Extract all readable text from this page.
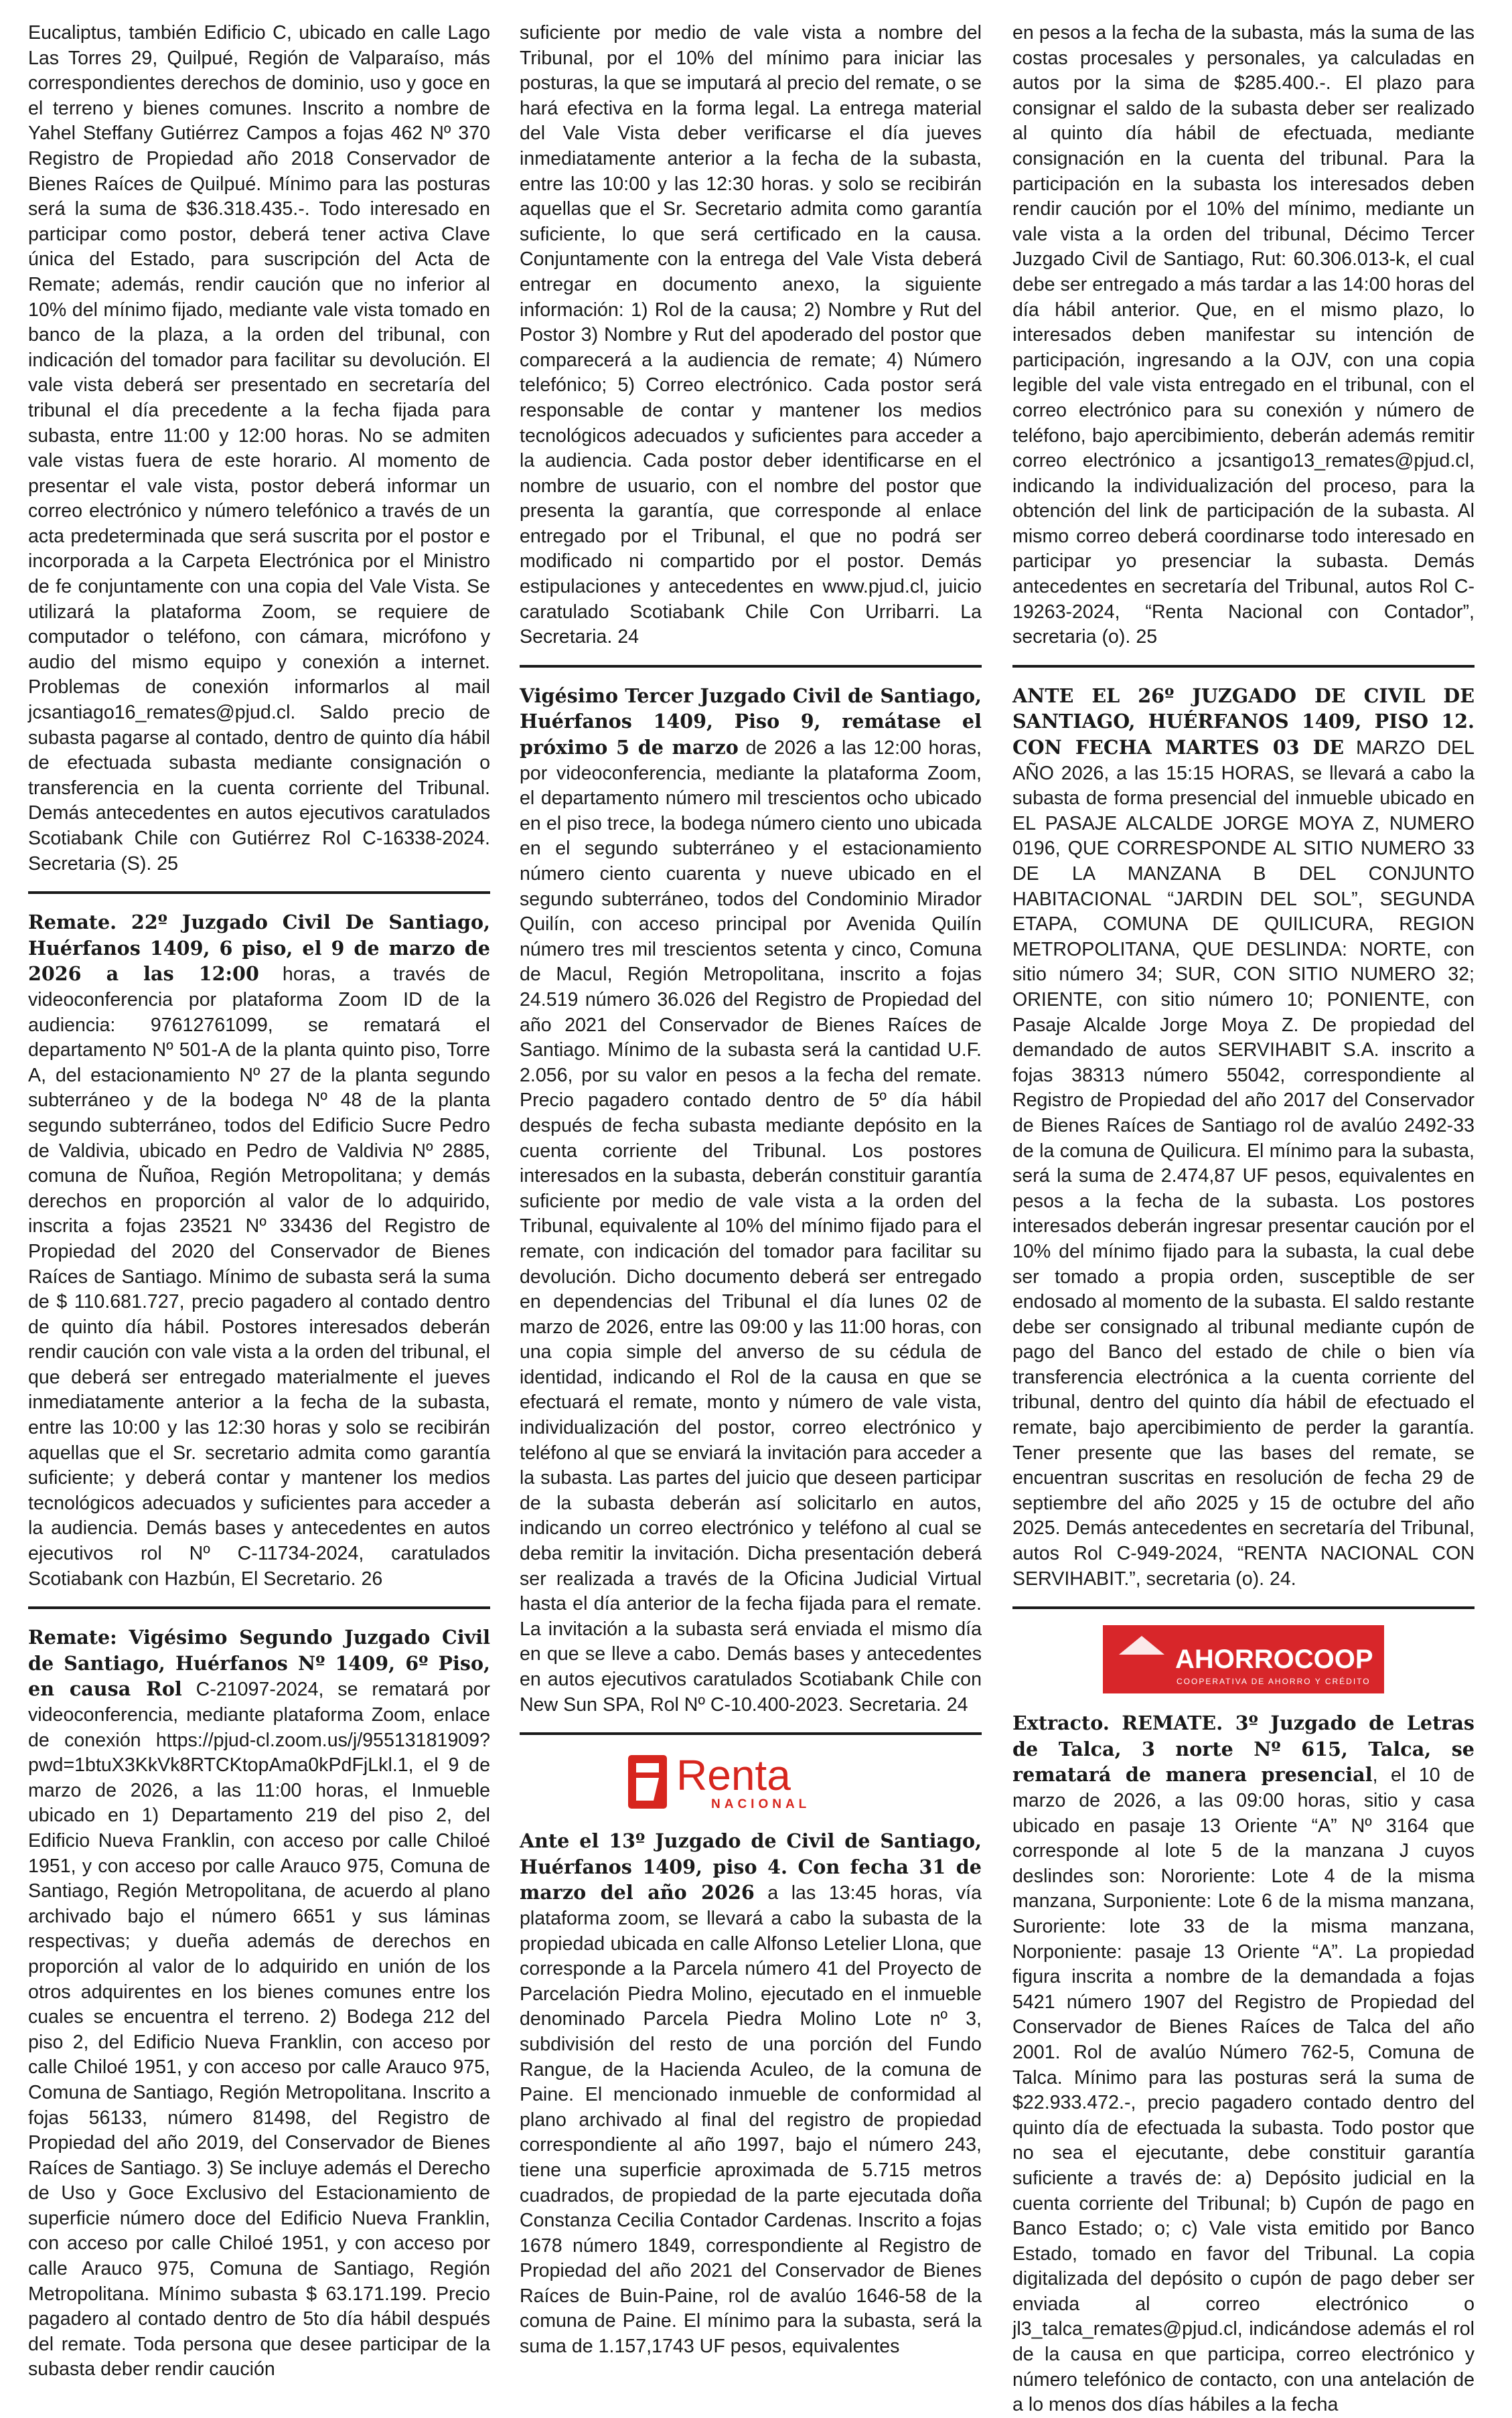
Eucaliptus, también Edificio C, ubicado en calle Lago Las Torres 29, Quilpué, Región de Valparaíso, más correspondientes derechos de dominio, uso y goce en el terreno y bienes comunes. Inscrito a nombre de Yahel Steffany Gutiérrez Campos a fojas 462 Nº 370 Registro de Propiedad año 2018 Conservador de Bienes Raíces de Quilpué. Mínimo para las posturas será la suma de $36.318.435.-. Todo interesado en participar como postor, deberá tener activa Clave única del Estado, para suscripción del Acta de Remate; además, rendir caución que no inferior al 10% del mínimo fijado, mediante vale vista tomado en banco de la plaza, a la orden del tribunal, con indicación del tomador para facilitar su devolución. El vale vista deberá ser presentado en secretaría del tribunal el día precedente a la fecha fijada para subasta, entre 11:00 y 12:00 horas. No se admiten vale vistas fuera de este horario. Al momento de presentar el vale vista, postor deberá informar un correo electrónico y número telefónico a través de un acta predeterminada que será suscrita por el postor e incorporada a la Carpeta Electrónica por el Ministro de fe conjuntamente con una copia del Vale Vista. Se utilizará la plataforma Zoom, se requiere de computador o teléfono, con cámara, micrófono y audio del mismo equipo y conexión a internet. Problemas de conexión informarlos al mail jcsantiago16_remates@pjud.cl. Saldo precio de subasta pagarse al contado, dentro de quinto día hábil de efectuada subasta mediante consignación o transferencia en la cuenta corriente del Tribunal. Demás antecedentes en autos ejecutivos caratulados Scotiabank Chile con Gutiérrez Rol C-16338-2024. Secretaria (S). 25

Remate. 22º Juzgado Civil De Santiago, Huérfanos 1409, 6 piso, el 9 de marzo de 2026 a las 12:00 horas, a través de videoconferencia por plataforma Zoom ID de la audiencia: 97612761099, se rematará el departamento Nº 501-A de la planta quinto piso, Torre A, del estacionamiento Nº 27 de la planta segundo subterráneo y de la bodega Nº 48 de la planta segundo subterráneo, todos del Edificio Sucre Pedro de Valdivia, ubicado en Pedro de Valdivia Nº 2885, comuna de Ñuñoa, Región Metropolitana; y demás derechos en proporción al valor de lo adquirido, inscrita a fojas 23521 Nº 33436 del Registro de Propiedad del 2020 del Conservador de Bienes Raíces de Santiago. Mínimo de subasta será la suma de $ 110.681.727, precio pagadero al contado dentro de quinto día hábil. Postores interesados deberán rendir caución con vale vista a la orden del tribunal, el que deberá ser entregado materialmente el jueves inmediatamente anterior a la fecha de la subasta, entre las 10:00 y las 12:30 horas y solo se recibirán aquellas que el Sr. secretario admita como garantía suficiente; y deberá contar y mantener los medios tecnológicos adecuados y suficientes para acceder a la audiencia. Demás bases y antecedentes en autos ejecutivos rol Nº C-11734-2024, caratulados Scotiabank con Hazbún, El Secretario. 26

Remate: Vigésimo Segundo Juzgado Civil de Santiago, Huérfanos Nº 1409, 6º Piso, en causa Rol C-21097-2024, se rematará por videoconferencia, mediante plataforma Zoom, enlace de conexión https://pjud-cl.zoom.us/j/95513181909?pwd=1btuX3KkVk8RTCKtopAma0kPdFjLkl.1, el 9 de marzo de 2026, a las 11:00 horas, el Inmueble ubicado en 1) Departamento 219 del piso 2, del Edificio Nueva Franklin, con acceso por calle Chiloé 1951, y con acceso por calle Arauco 975, Comuna de Santiago, Región Metropolitana, de acuerdo al plano archivado bajo el número 6651 y sus láminas respectivas; y dueña además de derechos en proporción al valor de lo adquirido en unión de los otros adquirentes en los bienes comunes entre los cuales se encuentra el terreno. 2) Bodega 212 del piso 2, del Edificio Nueva Franklin, con acceso por calle Chiloé 1951, y con acceso por calle Arauco 975, Comuna de Santiago, Región Metropolitana. Inscrito a fojas 56133, número 81498, del Registro de Propiedad del año 2019, del Conservador de Bienes Raíces de Santiago. 3) Se incluye además el Derecho de Uso y Goce Exclusivo del Estacionamiento de superficie número doce del Edificio Nueva Franklin, con acceso por calle Chiloé 1951, y con acceso por calle Arauco 975, Comuna de Santiago, Región Metropolitana. Mínimo subasta $ 63.171.199. Precio pagadero al contado dentro de 5to día hábil después del remate. Toda persona que desee participar de la subasta deber rendir caución

suficiente por medio de vale vista a nombre del Tribunal, por el 10% del mínimo para iniciar las posturas, la que se imputará al precio del remate, o se hará efectiva en la forma legal. La entrega material del Vale Vista deber verificarse el día jueves inmediatamente anterior a la fecha de la subasta, entre las 10:00 y las 12:30 horas. y solo se recibirán aquellas que el Sr. Secretario admita como garantía suficiente, lo que será certificado en la causa. Conjuntamente con la entrega del Vale Vista deberá entregar en documento anexo, la siguiente información: 1) Rol de la causa; 2) Nombre y Rut del Postor 3) Nombre y Rut del apoderado del postor que comparecerá a la audiencia de remate; 4) Número telefónico; 5) Correo electrónico. Cada postor será responsable de contar y mantener los medios tecnológicos adecuados y suficientes para acceder a la audiencia. Cada postor deber identificarse en el nombre de usuario, con el nombre del postor que presenta la garantía, que corresponde al enlace entregado por el Tribunal, el que no podrá ser modificado ni compartido por el postor. Demás estipulaciones y antecedentes en www.pjud.cl, juicio caratulado Scotiabank Chile Con Urribarri. La Secretaria. 24

Vigésimo Tercer Juzgado Civil de Santiago, Huérfanos 1409, Piso 9, remátase el próximo 5 de marzo de 2026 a las 12:00 horas, por videoconferencia, mediante la plataforma Zoom, el departamento número mil trescientos ocho ubicado en el piso trece, la bodega número ciento uno ubicada en el segundo subterráneo y el estacionamiento número ciento cuarenta y nueve ubicado en el segundo subterráneo, todos del Condominio Mirador Quilín, con acceso principal por Avenida Quilín número tres mil trescientos setenta y cinco, Comuna de Macul, Región Metropolitana, inscrito a fojas 24.519 número 36.026 del Registro de Propiedad del año 2021 del Conservador de Bienes Raíces de Santiago. Mínimo de la subasta será la cantidad U.F. 2.056, por su valor en pesos a la fecha del remate. Precio pagadero contado dentro de 5º día hábil después de fecha subasta mediante depósito en la cuenta corriente del Tribunal. Los postores interesados en la subasta, deberán constituir garantía suficiente por medio de vale vista a la orden del Tribunal, equivalente al 10% del mínimo fijado para el remate, con indicación del tomador para facilitar su devolución. Dicho documento deberá ser entregado en dependencias del Tribunal el día lunes 02 de marzo de 2026, entre las 09:00 y las 11:00 horas, con una copia simple del anverso de su cédula de identidad, indicando el Rol de la causa en que se efectuará el remate, monto y número de vale vista, individualización del postor, correo electrónico y teléfono al que se enviará la invitación para acceder a la subasta. Las partes del juicio que deseen participar de la subasta deberán así solicitarlo en autos, indicando un correo electrónico y teléfono al cual se deba remitir la invitación. Dicha presentación deberá ser realizada a través de la Oficina Judicial Virtual hasta el día anterior de la fecha fijada para el remate. La invitación a la subasta será enviada el mismo día en que se lleve a cabo. Demás bases y antecedentes en autos ejecutivos caratulados Scotiabank Chile con New Sun SPA, Rol Nº C-10.400-2023. Secretaria. 24

Renta
NACIONAL

Ante el 13º Juzgado de Civil de Santiago, Huérfanos 1409, piso 4. Con fecha 31 de marzo del año 2026 a las 13:45 horas, vía plataforma zoom, se llevará a cabo la subasta de la propiedad ubicada en calle Alfonso Letelier Llona, que corresponde a la Parcela número 41 del Proyecto de Parcelación Piedra Molino, ejecutado en el inmueble denominado Parcela Piedra Molino Lote nº 3, subdivisión del resto de una porción del Fundo Rangue, de la Hacienda Aculeo, de la comuna de Paine. El mencionado inmueble de conformidad al plano archivado al final del registro de propiedad correspondiente al año 1997, bajo el número 243, tiene una superficie aproximada de 5.715 metros cuadrados, de propiedad de la parte ejecutada doña Constanza Cecilia Contador Cardenas. Inscrito a fojas 1678 número 1849, correspondiente al Registro de Propiedad del año 2021 del Conservador de Bienes Raíces de Buin-Paine, rol de avalúo 1646-58 de la comuna de Paine. El mínimo para la subasta, será la suma de 1.157,1743 UF pesos, equivalentes

en pesos a la fecha de la subasta, más la suma de las costas procesales y personales, ya calculadas en autos por la sima de $285.400.-. El plazo para consignar el saldo de la subasta deber ser realizado al quinto día hábil de efectuada, mediante consignación en la cuenta del tribunal. Para la participación en la subasta los interesados deben rendir caución por el 10% del mínimo, mediante un vale vista a la orden del tribunal, Décimo Tercer Juzgado Civil de Santiago, Rut: 60.306.013-k, el cual debe ser entregado a más tardar a las 14:00 horas del día hábil anterior. Que, en el mismo plazo, lo interesados deben manifestar su intención de participación, ingresando a la OJV, con una copia legible del vale vista entregado en el tribunal, con el correo electrónico para su conexión y número de teléfono, bajo apercibimiento, deberán además remitir correo electrónico a jcsantigo13_remates@pjud.cl, indicando la individualización del proceso, para la obtención del link de participación de la subasta. Al mismo correo deberá coordinarse todo interesado en participar yo presenciar la subasta. Demás antecedentes en secretaría del Tribunal, autos Rol C-19263-2024, “Renta Nacional con Contador”, secretaria (o). 25

ANTE EL 26º JUZGADO DE CIVIL DE SANTIAGO, HUÉRFANOS 1409, PISO 12. CON FECHA MARTES 03 DE MARZO DEL AÑO 2026, a las 15:15 HORAS, se llevará a cabo la subasta de forma presencial del inmueble ubicado en EL PASAJE ALCALDE JORGE MOYA Z, NUMERO 0196, QUE CORRESPONDE AL SITIO NUMERO 33 DE LA MANZANA B DEL CONJUNTO HABITACIONAL “JARDIN DEL SOL”, SEGUNDA ETAPA, COMUNA DE QUILICURA, REGION METROPOLITANA, QUE DESLINDA: NORTE, con sitio número 34; SUR, CON SITIO NUMERO 32; ORIENTE, con sitio número 10; PONIENTE, con Pasaje Alcalde Jorge Moya Z. De propiedad del demandado de autos SERVIHABIT S.A. inscrito a fojas 38313 número 55042, correspondiente al Registro de Propiedad del año 2017 del Conservador de Bienes Raíces de Santiago rol de avalúo 2492-33 de la comuna de Quilicura. El mínimo para la subasta, será la suma de 2.474,87 UF pesos, equivalentes en pesos a la fecha de la subasta. Los postores interesados deberán ingresar presentar caución por el 10% del mínimo fijado para la subasta, la cual debe ser tomado a propia orden, susceptible de ser endosado al momento de la subasta. El saldo restante debe ser consignado al tribunal mediante cupón de pago del Banco del estado de chile o bien vía transferencia electrónica a la cuenta corriente del tribunal, dentro del quinto día hábil de efectuado el remate, bajo apercibimiento de perder la garantía. Tener presente que las bases del remate, se encuentran suscritas en resolución de fecha 29 de septiembre del año 2025 y 15 de octubre del año 2025. Demás antecedentes en secretaría del Tribunal, autos Rol C-949-2024, “RENTA NACIONAL CON SERVIHABIT.”, secretaria (o). 24.

AHORROCOOP
COOPERATIVA DE AHORRO Y CRÉDITO

Extracto. REMATE. 3º Juzgado de Letras de Talca, 3 norte Nº 615, Talca, se rematará de manera presencial, el 10 de marzo de 2026, a las 09:00 horas, sitio y casa ubicado en pasaje 13 Oriente “A” Nº 3164 que corresponde al lote 5 de la manzana J cuyos deslindes son: Nororiente: Lote 4 de la misma manzana, Surponiente: Lote 6 de la misma manzana, Suroriente: lote 33 de la misma manzana, Norponiente: pasaje 13 Oriente “A”. La propiedad figura inscrita a nombre de la demandada a fojas 5421 número 1907 del Registro de Propiedad del Conservador de Bienes Raíces de Talca del año 2001. Rol de avalúo Número 762-5, Comuna de Talca. Mínimo para las posturas será la suma de $22.933.472.-, precio pagadero contado dentro del quinto día de efectuada la subasta. Todo postor que no sea el ejecutante, debe constituir garantía suficiente a través de: a) Depósito judicial en la cuenta corriente del Tribunal; b) Cupón de pago en Banco Estado; o; c) Vale vista emitido por Banco Estado, tomado en favor del Tribunal. La copia digitalizada del depósito o cupón de pago deber ser enviada al correo electrónico o jl3_talca_remates@pjud.cl, indicándose además el rol de la causa en que participa, correo electrónico y número telefónico de contacto, con una antelación de a lo menos dos días hábiles a la fecha
